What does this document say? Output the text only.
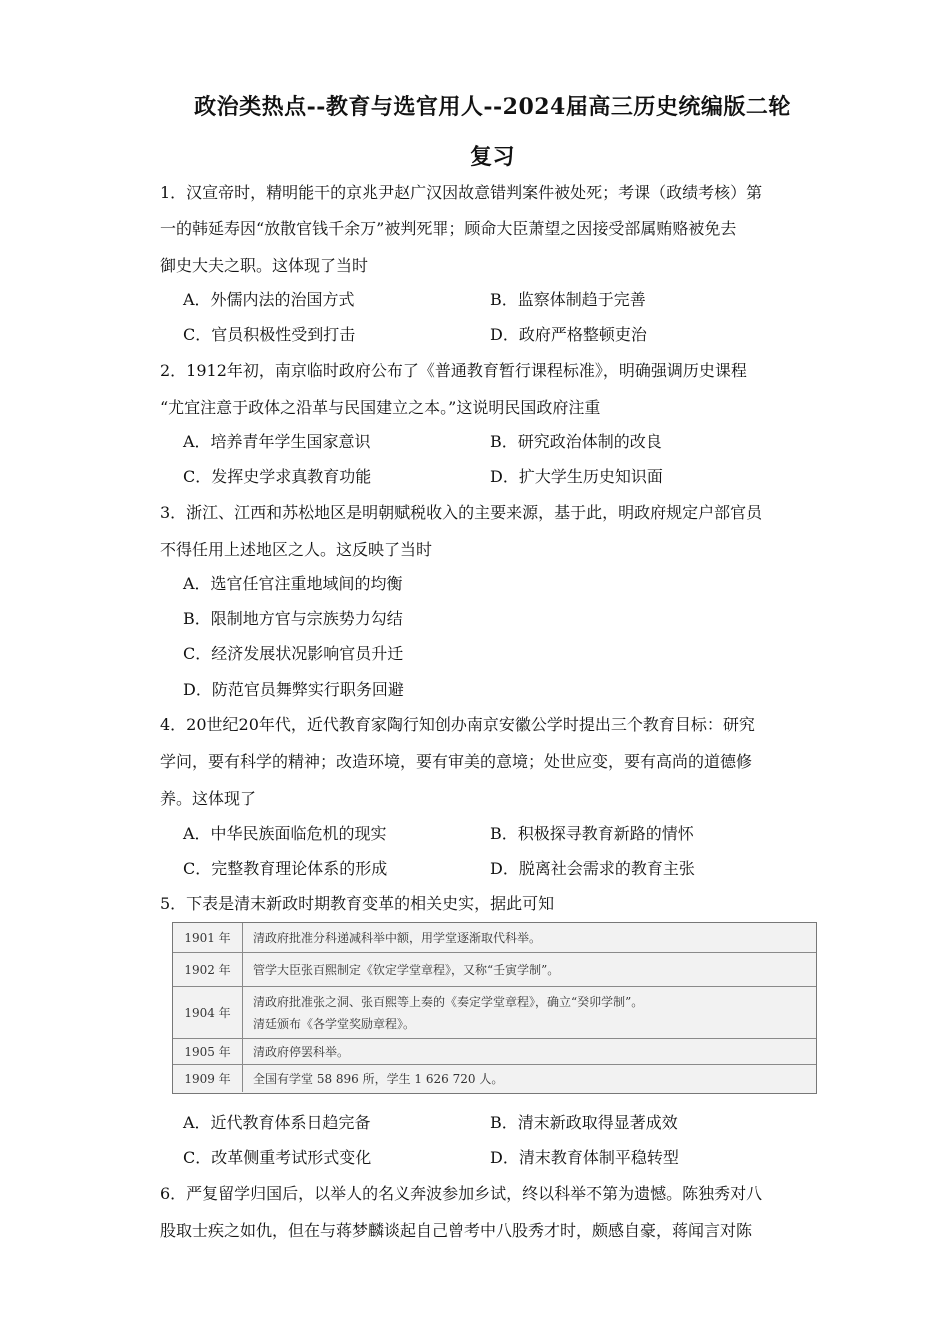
政治类热点--教育与选官用人--2024届高三历史统编版二轮
复习
1．汉宣帝时，精明能干的京兆尹赵广汉因故意错判案件被处死；考课（政绩考核）第
一的韩延寿因“放散官钱千余万”被判死罪；顾命大臣萧望之因接受部属贿赂被免去
御史大夫之职。这体现了当时
A．外儒内法的治国方式	B．监察体制趋于完善
C．官员积极性受到打击	D．政府严格整顿吏治
2．1912年初，南京临时政府公布了《普通教育暂行课程标准》，明确强调历史课程
“尤宜注意于政体之沿革与民国建立之本。”这说明民国政府注重
A．培养青年学生国家意识	B．研究政治体制的改良
C．发挥史学求真教育功能	D．扩大学生历史知识面
3．浙江、江西和苏松地区是明朝赋税收入的主要来源，基于此，明政府规定户部官员
不得任用上述地区之人。这反映了当时
A．选官任官注重地域间的均衡
B．限制地方官与宗族势力勾结
C．经济发展状况影响官员升迁
D．防范官员舞弊实行职务回避
4．20世纪20年代，近代教育家陶行知创办南京安徽公学时提出三个教育目标：研究
学问，要有科学的精神；改造环境，要有审美的意境；处世应变，要有高尚的道德修
养。这体现了
A．中华民族面临危机的现实	B．积极探寻教育新路的情怀
C．完整教育理论体系的形成	D．脱离社会需求的教育主张
5．下表是清末新政时期教育变革的相关史实，据此可知
1901 年	清政府批准分科递减科举中额，用学堂逐渐取代科举。
1902 年	管学大臣张百熙制定《钦定学堂章程》，又称“壬寅学制”。
1904 年
清政府批准张之洞、张百熙等上奏的《奏定学堂章程》，确立“癸卯学制”。
清廷颁布《各学堂奖励章程》。
1905 年	清政府停罢科举。
1909 年	全国有学堂 58 896 所，学生 1 626 720 人。
A．近代教育体系日趋完备	B．清末新政取得显著成效
C．改革侧重考试形式变化	D．清末教育体制平稳转型
6．严复留学归国后，以举人的名义奔波参加乡试，终以科举不第为遗憾。陈独秀对八
股取士疾之如仇，但在与蒋梦麟谈起自己曾考中八股秀才时，颇感自豪，蒋闻言对陈
